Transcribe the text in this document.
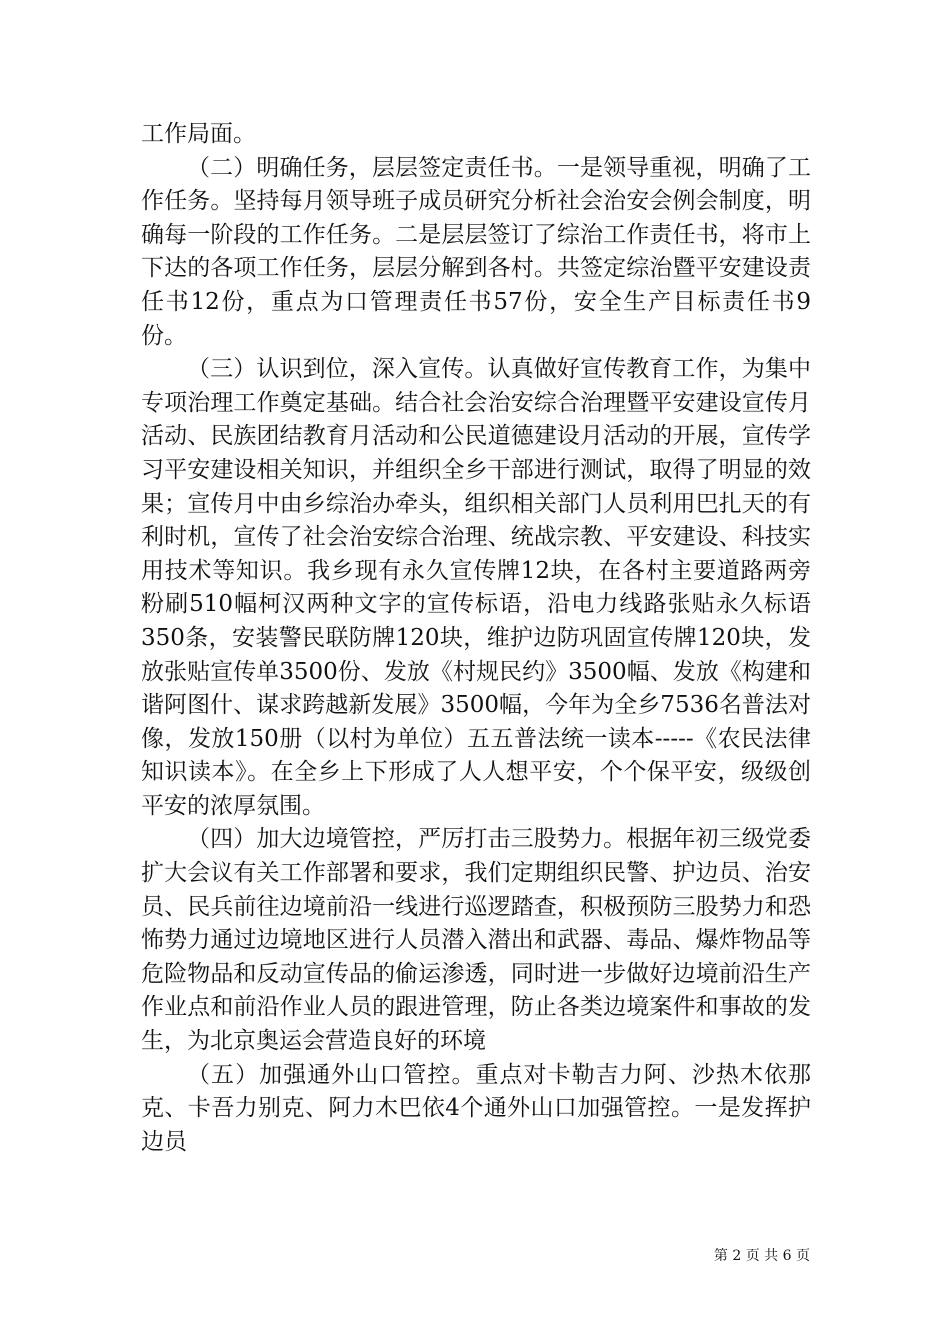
工作局面。

（二）明确任务，层层签定责任书。一是领导重视，明确了工作任务。坚持每月领导班子成员研究分析社会治安会例会制度，明确每一阶段的工作任务。二是层层签订了综治工作责任书，将市上下达的各项工作任务，层层分解到各村。共签定综治暨平安建设责任书12份，重点为口管理责任书57份，安全生产目标责任书9份。

（三）认识到位，深入宣传。认真做好宣传教育工作，为集中专项治理工作奠定基础。结合社会治安综合治理暨平安建设宣传月活动、民族团结教育月活动和公民道德建设月活动的开展，宣传学习平安建设相关知识，并组织全乡干部进行测试，取得了明显的效果；宣传月中由乡综治办牵头，组织相关部门人员利用巴扎天的有利时机，宣传了社会治安综合治理、统战宗教、平安建设、科技实用技术等知识。我乡现有永久宣传牌12块，在各村主要道路两旁粉刷510幅柯汉两种文字的宣传标语，沿电力线路张贴永久标语350条，安装警民联防牌120块，维护边防巩固宣传牌120块，发放张贴宣传单3500份、发放《村规民约》3500幅、发放《构建和谐阿图什、谋求跨越新发展》3500幅，今年为全乡7536名普法对像，发放150册（以村为单位）五五普法统一读本-----《农民法律知识读本》。在全乡上下形成了人人想平安，个个保平安，级级创平安的浓厚氛围。

（四）加大边境管控，严厉打击三股势力。根据年初三级党委扩大会议有关工作部署和要求，我们定期组织民警、护边员、治安员、民兵前往边境前沿一线进行巡逻踏查，积极预防三股势力和恐怖势力通过边境地区进行人员潜入潜出和武器、毒品、爆炸物品等危险物品和反动宣传品的偷运渗透，同时进一步做好边境前沿生产作业点和前沿作业人员的跟进管理，防止各类边境案件和事故的发生，为北京奥运会营造良好的环境

（五）加强通外山口管控。重点对卡勒吉力阿、沙热木依那克、卡吾力别克、阿力木巴依4个通外山口加强管控。一是发挥护边员

第 2 页 共 6 页
